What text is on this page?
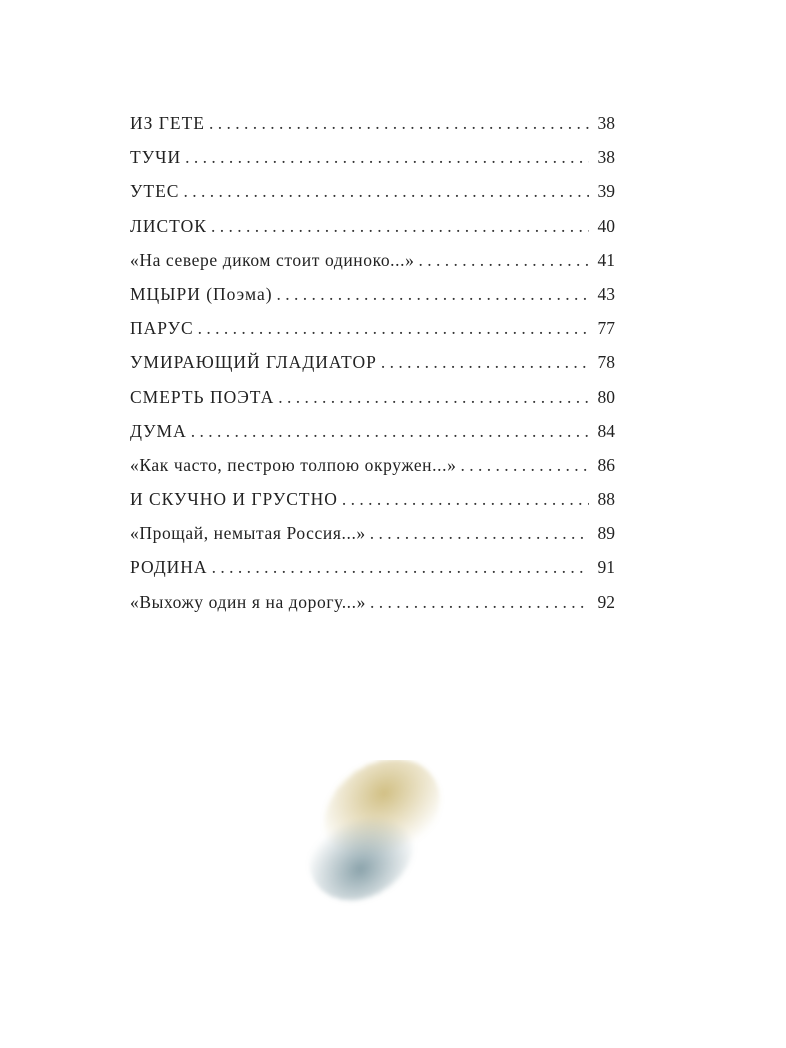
ИЗ ГЕТЕ . . .	38
ТУЧИ . . .	38
УТЕС . . .	39
ЛИСТОК . . .	40
«На севере диком стоит одиноко...» . . .	41
МЦЫРИ (Поэма) . . .	43
ПАРУС . . .	77
УМИРАЮЩИЙ ГЛАДИАТОР . . .	78
СМЕРТЬ ПОЭТА . . .	80
ДУМА . . .	84
«Как часто, пестрою толпою окружен...» . . .	86
И СКУЧНО И ГРУСТНО . . .	88
«Прощай, немытая Россия...» . . .	89
РОДИНА . . .	91
«Выхожу один я на дорогу...» . . .	92
